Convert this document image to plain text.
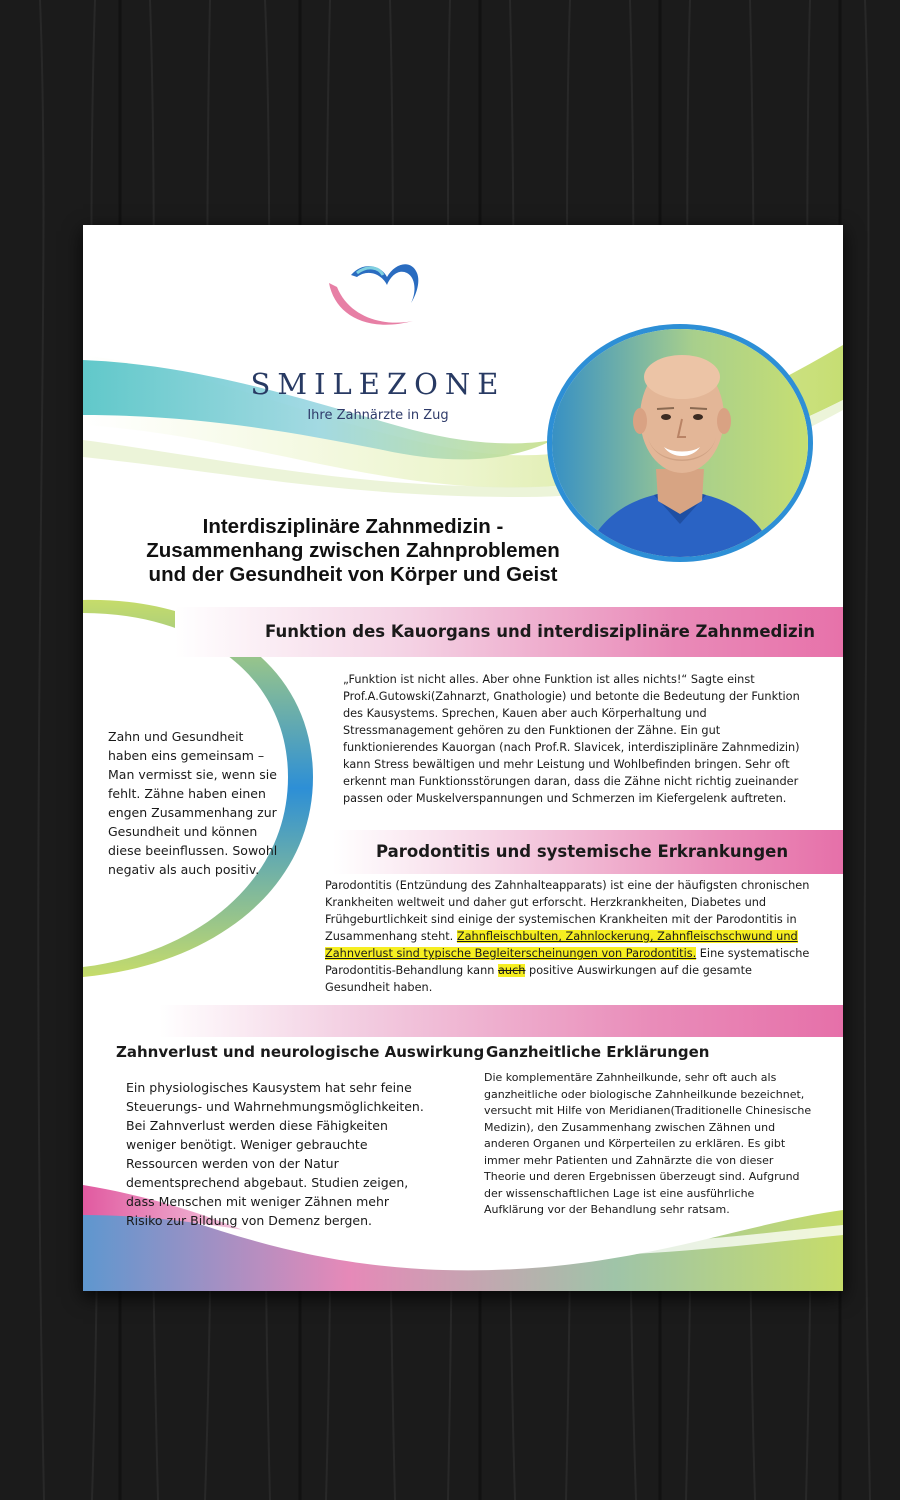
SMILEZONE
Ihre Zahnärzte in Zug
Interdisziplinäre Zahnmedizin -
Zusammenhang zwischen Zahnproblemen
und der Gesundheit von Körper und Geist
Funktion des Kauorgans und interdisziplinäre Zahnmedizin
„Funktion ist nicht alles. Aber ohne Funktion ist alles nichts!“ Sagte einst Prof.A.Gutowski(Zahnarzt, Gnathologie) und betonte die Bedeutung der Funktion des Kausystems. Sprechen, Kauen aber auch Körperhaltung und Stressmanagement gehören zu den Funktionen der Zähne. Ein gut funktionierendes Kauorgan (nach Prof.R. Slavicek, interdisziplinäre Zahnmedizin) kann Stress bewältigen und mehr Leistung und Wohlbefinden bringen. Sehr oft erkennt man Funktionsstörungen daran, dass die Zähne nicht richtig zueinander passen oder Muskelverspannungen und Schmerzen im Kiefergelenk auftreten.
Zahn und Gesundheit haben eins gemeinsam – Man vermisst sie, wenn sie fehlt. Zähne haben einen engen Zusammenhang zur Gesundheit und können diese beeinflussen. Sowohl negativ als auch positiv.
Parodontitis und systemische Erkrankungen
Parodontitis (Entzündung des Zahnhalteapparats) ist eine der häufigsten chronischen Krankheiten weltweit und daher gut erforscht. Herzkrankheiten, Diabetes und Frühgeburtlichkeit sind einige der systemischen Krankheiten mit der Parodontitis in Zusammenhang steht. Zahnfleischbulten, Zahnlockerung, Zahnfleischschwund und Zahnverlust sind typische Begleiterscheinungen von Parodontitis. Eine systematische Parodontitis-Behandlung kann auch positive Auswirkungen auf die gesamte Gesundheit haben.
Zahnverlust und neurologische Auswirkung
Ein physiologisches Kausystem hat sehr feine Steuerungs- und Wahrnehmungsmöglichkeiten. Bei Zahnverlust werden diese Fähigkeiten weniger benötigt. Weniger gebrauchte Ressourcen werden von der Natur dementsprechend abgebaut. Studien zeigen, dass Menschen mit weniger Zähnen mehr Risiko zur Bildung von Demenz bergen.
Ganzheitliche Erklärungen
Die komplementäre Zahnheilkunde, sehr oft auch als ganzheitliche oder biologische Zahnheilkunde bezeichnet, versucht mit Hilfe von Meridianen(Traditionelle Chinesische Medizin), den Zusammenhang zwischen Zähnen und anderen Organen und Körperteilen zu erklären. Es gibt immer mehr Patienten und Zahnärzte die von dieser Theorie und deren Ergebnissen überzeugt sind. Aufgrund der wissenschaftlichen Lage ist eine ausführliche Aufklärung vor der Behandlung sehr ratsam.
